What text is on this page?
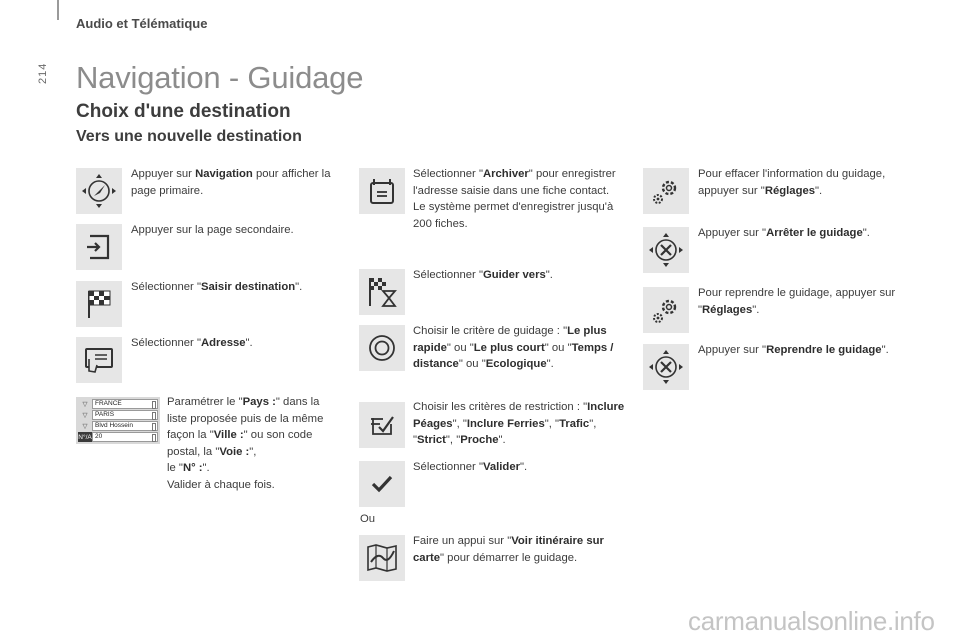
Audio et Télématique
214 Navigation - Guidage
Choix d'une destination
Vers une nouvelle destination
Appuyer sur Navigation pour afficher la page primaire.
Appuyer sur la page secondaire.
Sélectionner "Saisir destination".
Sélectionner "Adresse".
▽	FRANCE
▽	PARIS
▽	Blvd Hossein
N°/A 20
Paramétrer le "Pays :" dans la liste proposée puis de la même façon la "Ville :" ou son code postal, la "Voie :",
le "N° :".
Valider à chaque fois.
Sélectionner "Archiver" pour enregistrer l'adresse saisie dans une fiche contact.
Le système permet d'enregistrer jusqu'à 200 fiches.
Sélectionner "Guider vers".
Choisir le critère de guidage : "Le plus rapide" ou "Le plus court" ou "Temps / distance" ou "Ecologique".
Choisir les critères de restriction : "Inclure Péages", "Inclure Ferries", "Trafic", "Strict", "Proche".
Sélectionner "Valider".
Ou
Faire un appui sur "Voir itinéraire sur carte" pour démarrer le guidage.
Pour effacer l'information du guidage, appuyer sur "Réglages".
Appuyer sur "Arrêter le guidage".
Pour reprendre le guidage, appuyer sur "Réglages".
Appuyer sur "Reprendre le guidage".
carmanualsonline.info
